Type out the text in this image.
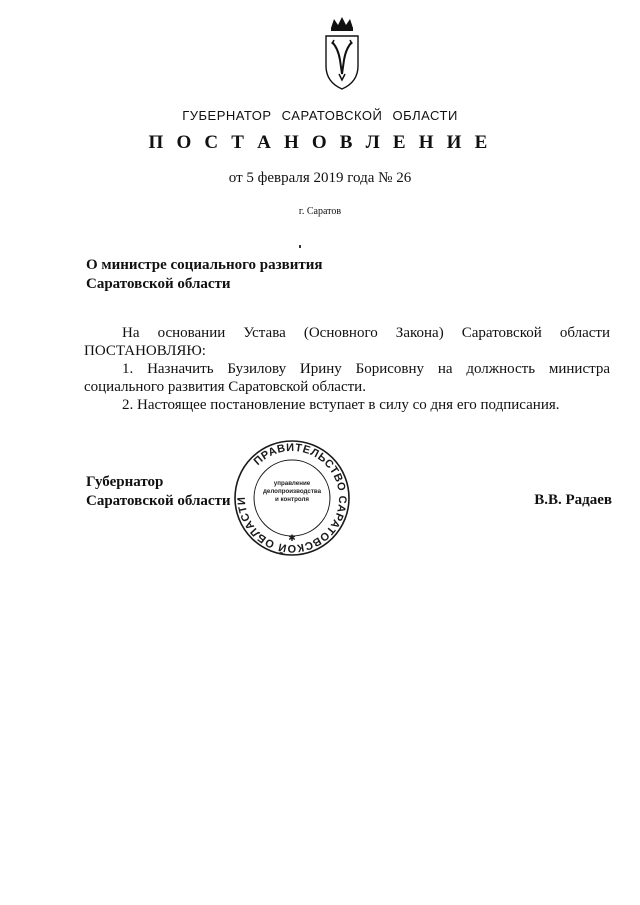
ГУБЕРНАТОР САРАТОВСКОЙ ОБЛАСТИ
П О С Т А Н О В Л Е Н И Е
от 5 февраля 2019 года № 26
г. Саратов
О министре социального развития
Саратовской области

На основании Устава (Основного Закона) Саратовской области

ПОСТАНОВЛЯЮ:

1. Назначить Бузилову Ирину Борисовну на должность министра

социального развития Саратовской области.

2. Настоящее постановление вступает в силу со дня его подписания.

Губернатор
Саратовской области	В.В. Радаев
ПРАВИТЕЛЬСТВО САРАТОВСКОЙ ОБЛАСТИ
✱
управление
делопроизводства
и контроля
